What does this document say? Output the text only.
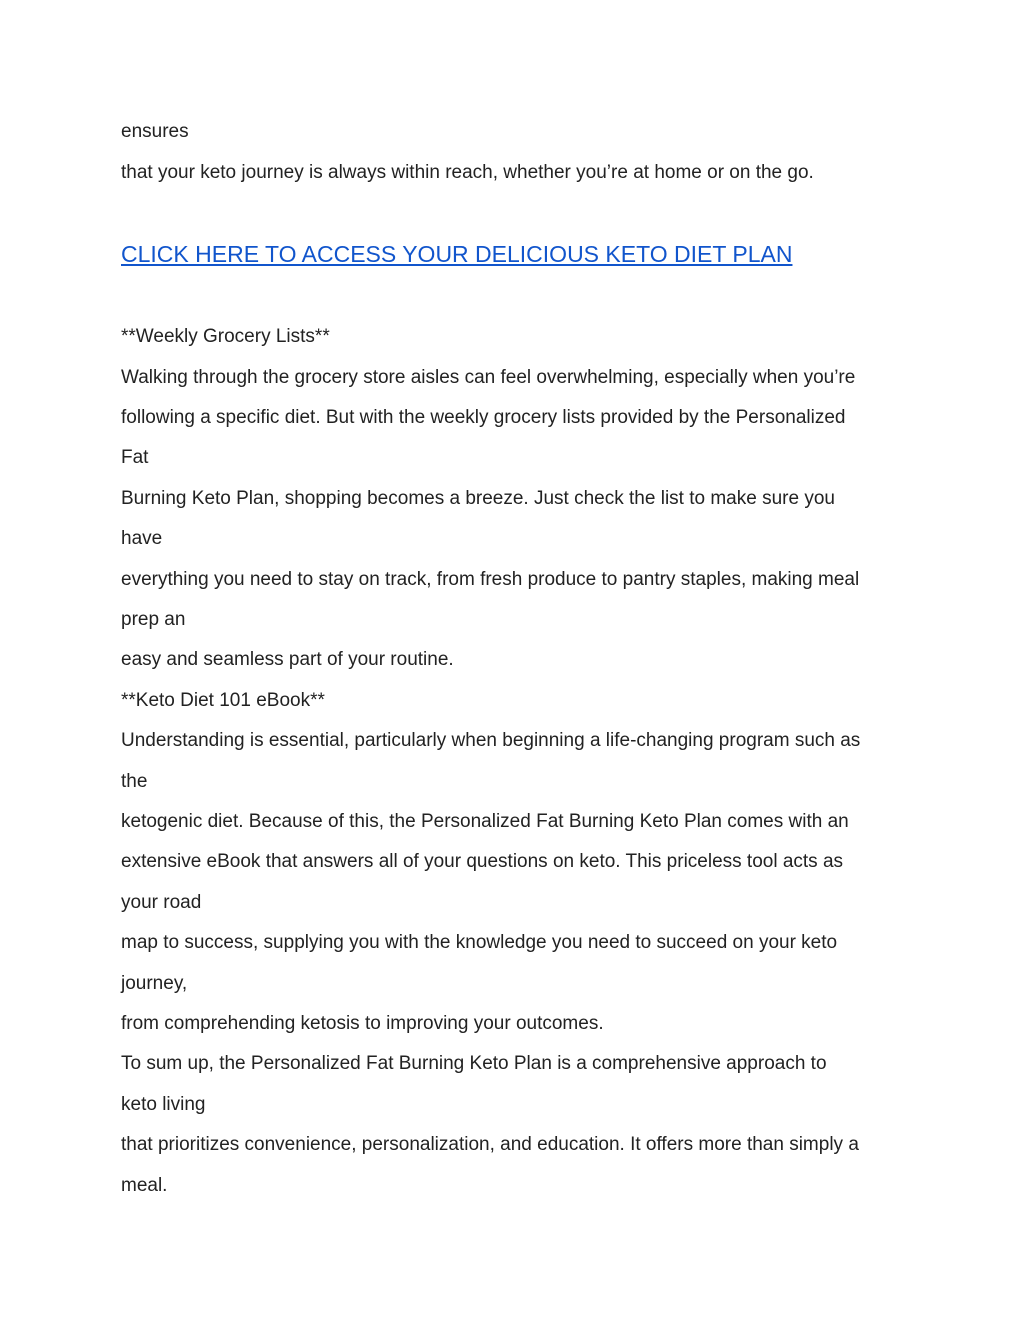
ensures
that your keto journey is always within reach, whether you’re at home or on the go.
CLICK HERE TO ACCESS YOUR DELICIOUS KETO DIET PLAN
**Weekly Grocery Lists**
Walking through the grocery store aisles can feel overwhelming, especially when you’re
following a specific diet. But with the weekly grocery lists provided by the Personalized
Fat
Burning Keto Plan, shopping becomes a breeze. Just check the list to make sure you
have
everything you need to stay on track, from fresh produce to pantry staples, making meal
prep an
easy and seamless part of your routine.
**Keto Diet 101 eBook**
Understanding is essential, particularly when beginning a life-changing program such as
the
ketogenic diet. Because of this, the Personalized Fat Burning Keto Plan comes with an
extensive eBook that answers all of your questions on keto. This priceless tool acts as
your road
map to success, supplying you with the knowledge you need to succeed on your keto
journey,
from comprehending ketosis to improving your outcomes.
To sum up, the Personalized Fat Burning Keto Plan is a comprehensive approach to
keto living
that prioritizes convenience, personalization, and education. It offers more than simply a
meal.
